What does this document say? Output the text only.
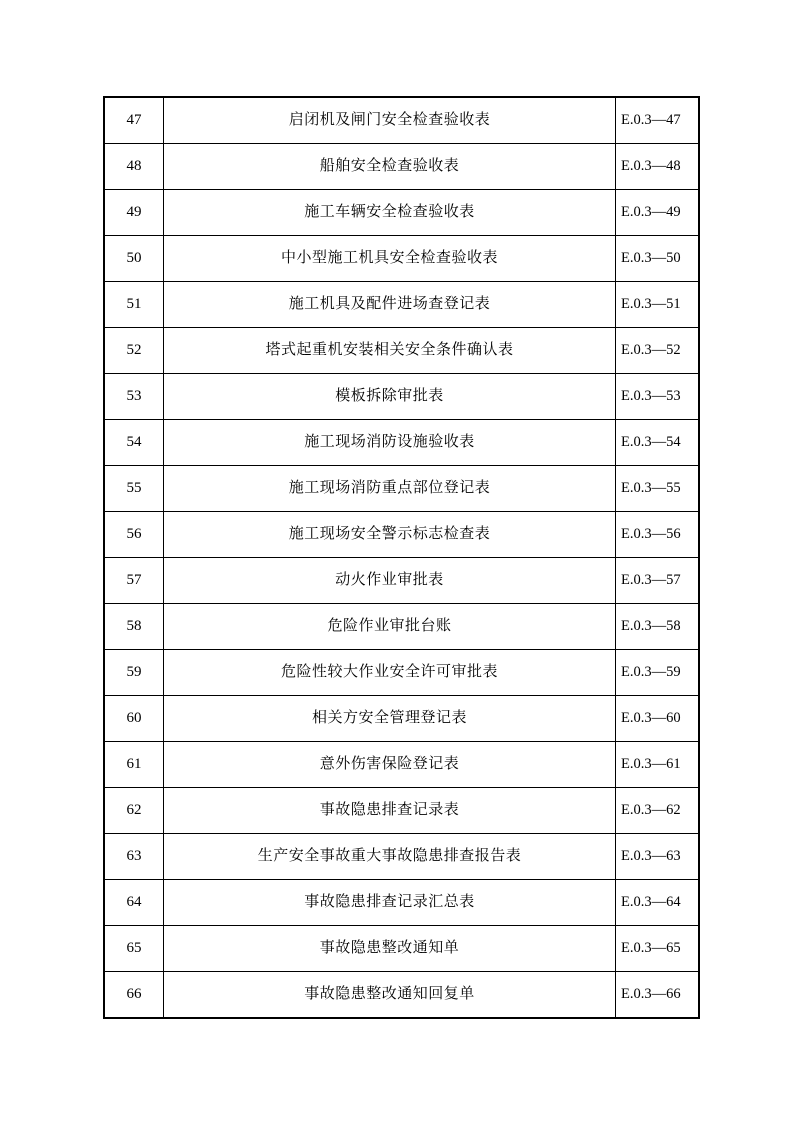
47	启闭机及闸门安全检查验收表	E.0.3—47
48	船舶安全检查验收表	E.0.3—48
49	施工车辆安全检查验收表	E.0.3—49
50	中小型施工机具安全检查验收表	E.0.3—50
51	施工机具及配件进场查登记表	E.0.3—51
52	塔式起重机安装相关安全条件确认表	E.0.3—52
53	模板拆除审批表	E.0.3—53
54	施工现场消防设施验收表	E.0.3—54
55	施工现场消防重点部位登记表	E.0.3—55
56	施工现场安全警示标志检查表	E.0.3—56
57	动火作业审批表	E.0.3—57
58	危险作业审批台账	E.0.3—58
59	危险性较大作业安全许可审批表	E.0.3—59
60	相关方安全管理登记表	E.0.3—60
61	意外伤害保险登记表	E.0.3—61
62	事故隐患排查记录表	E.0.3—62
63	生产安全事故重大事故隐患排查报告表	E.0.3—63
64	事故隐患排查记录汇总表	E.0.3—64
65	事故隐患整改通知单	E.0.3—65
66	事故隐患整改通知回复单	E.0.3—66
